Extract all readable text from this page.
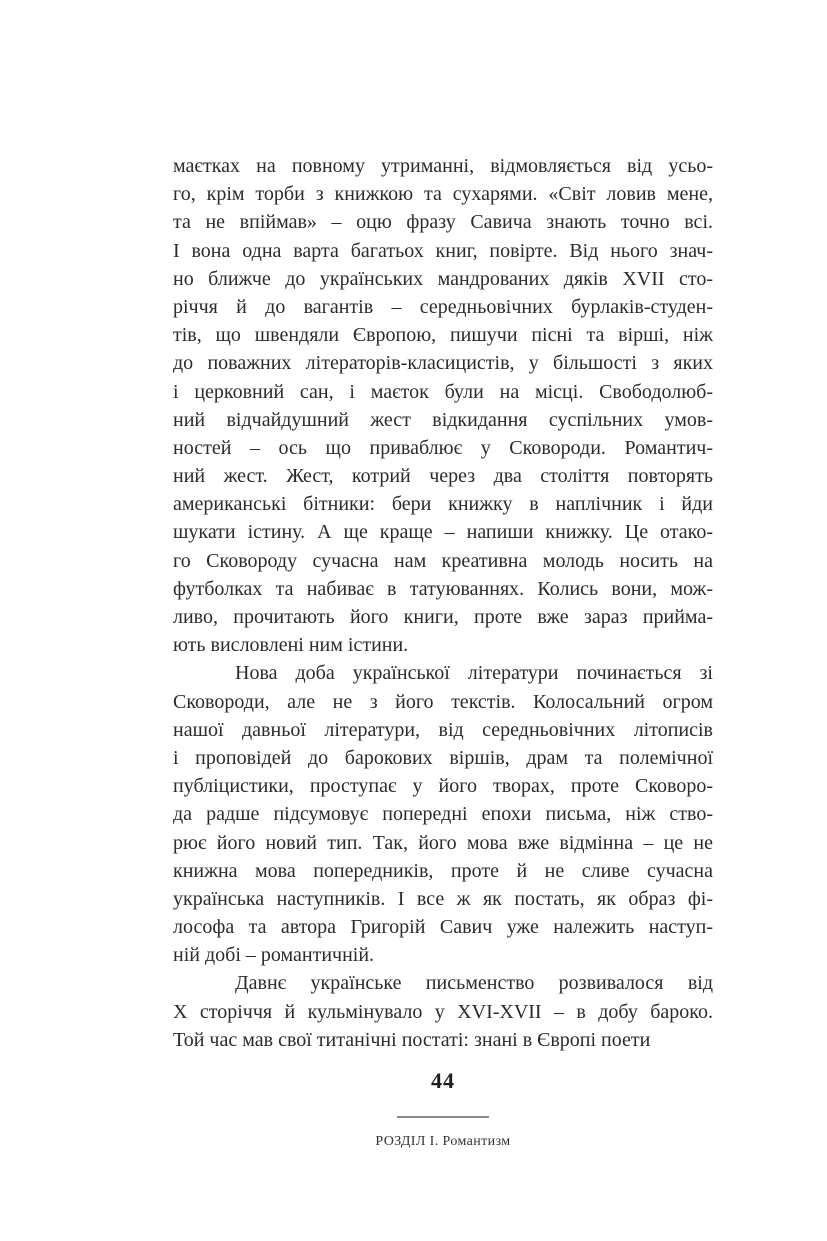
маєтках на повному утриманні, відмовляється від усьо-
го, крім торби з книжкою та сухарями. «Світ ловив мене,
та не впіймав» – оцю фразу Савича знають точно всі.
І вона одна варта багатьох книг, повірте. Від нього знач-
но ближче до українських мандрованих дяків XVII сто-
річчя й до вагантів – середньовічних бурлаків-студен-
тів, що швендяли Європою, пишучи пісні та вірші, ніж
до поважних літераторів-класицистів, у більшості з яких
і церковний сан, і маєток були на місці. Свободолюб-
ний відчайдушний жест відкидання суспільних умов-
ностей – ось що приваблює у Сковороди. Романтич-
ний жест. Жест, котрий через два століття повторять
американські бітники: бери книжку в наплічник і йди
шукати істину. А ще краще – напиши книжку. Це отако-
го Сковороду сучасна нам креативна молодь носить на
футболках та набиває в татуюваннях. Колись вони, мож-
ливо, прочитають його книги, проте вже зараз прийма-
ють висловлені ним істини.
Нова доба української літератури починається зі
Сковороди, але не з його текстів. Колосальний огром
нашої давньої літератури, від середньовічних літописів
і проповідей до барокових віршів, драм та полемічної
публіцистики, проступає у його творах, проте Сковоро-
да радше підсумовує попередні епохи письма, ніж ство-
рює його новий тип. Так, його мова вже відмінна – це не
книжна мова попередників, проте й не сливе сучасна
українська наступників. І все ж як постать, як образ фі-
лософа та автора Григорій Савич уже належить наступ-
ній добі – романтичній.
Давнє українське письменство розвивалося від
Х сторіччя й кульмінувало у XVI-XVII – в добу бароко.
Той час мав свої титанічні постаті: знані в Європі поети
44
РОЗДІЛ І. Романтизм
